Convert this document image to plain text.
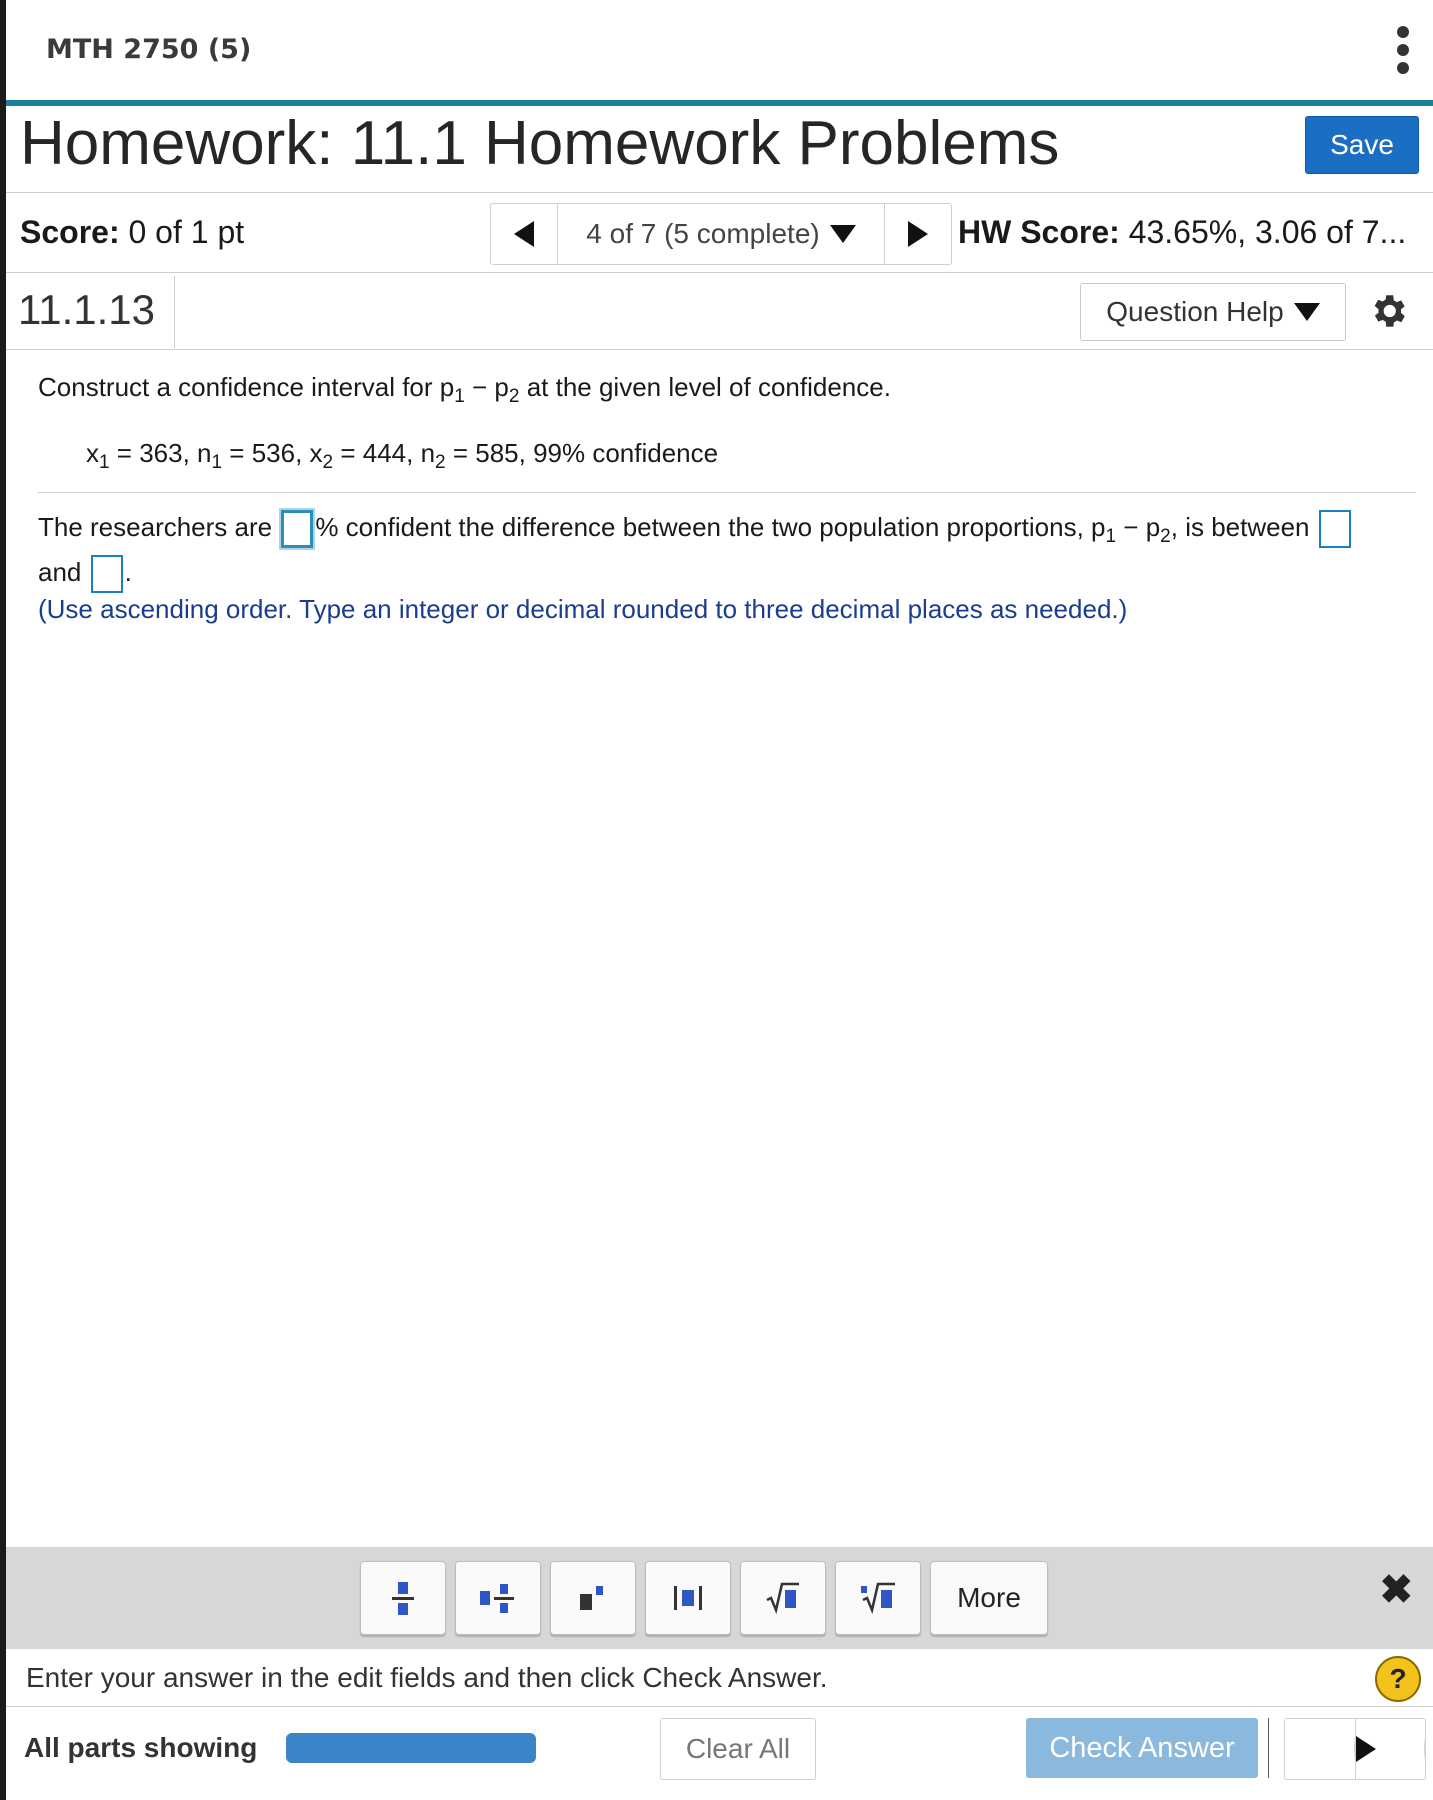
MTH 2750 (5)
Homework: 11.1 Homework Problems	Save
Score: 0 of 1 pt	4 of 7 (5 complete)	HW Score: 43.65%, 3.06 of 7...
11.1.13	Question Help
Construct a confidence interval for $p_1 - p_2$ at the given level of confidence.
$x_1 = 363$, $n_1 = 536$, $x_2 = 444$, $n_2 = 585$, 99% confidence
The researchers are % confident the difference between the two population proportions, $p_1 - p_2$, is between
and .
(Use ascending order. Type an integer or decimal rounded to three decimal places as needed.)
More	✖
Enter your answer in the edit fields and then click Check Answer.	?
All parts showing	Clear All	Check Answer
